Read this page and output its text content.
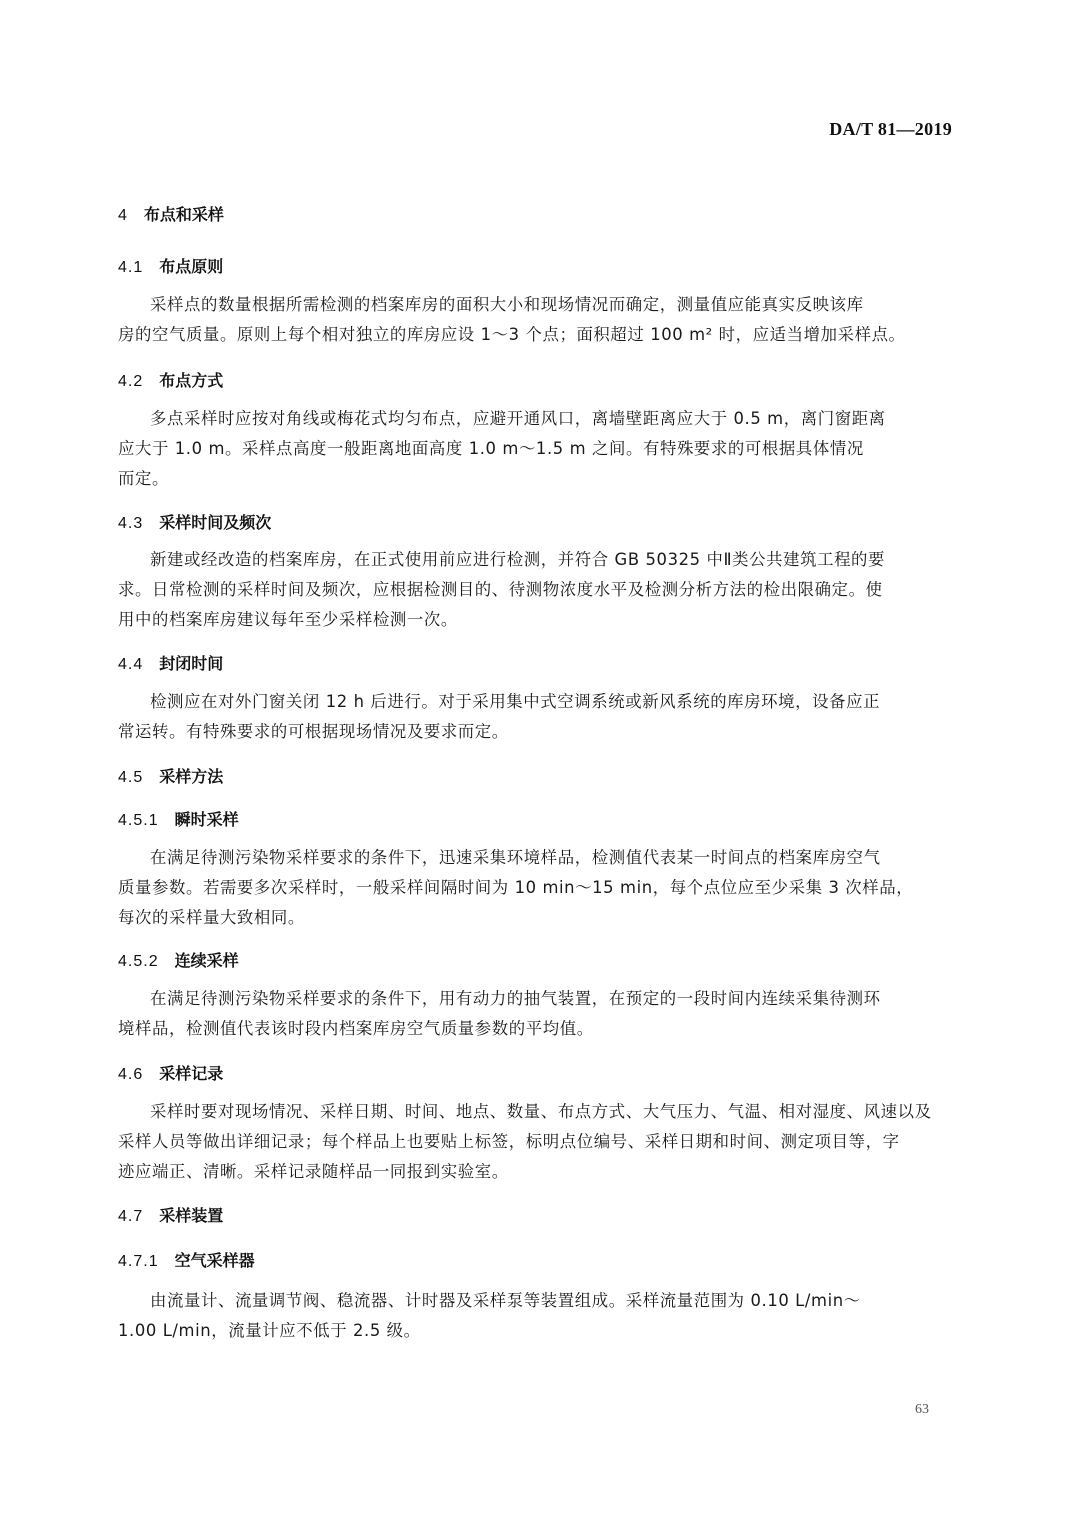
DA/T 81—2019
4 布点和采样
4.1 布点原则
采样点的数量根据所需检测的档案库房的面积大小和现场情况而确定，测量值应能真实反映该库
房的空气质量。原则上每个相对独立的库房应设 1～3 个点；面积超过 100 m² 时，应适当增加采样点。
4.2 布点方式
多点采样时应按对角线或梅花式均匀布点，应避开通风口，离墙壁距离应大于 0.5 m，离门窗距离
应大于 1.0 m。采样点高度一般距离地面高度 1.0 m～1.5 m 之间。有特殊要求的可根据具体情况
而定。
4.3 采样时间及频次
新建或经改造的档案库房，在正式使用前应进行检测，并符合 GB 50325 中Ⅱ类公共建筑工程的要
求。日常检测的采样时间及频次，应根据检测目的、待测物浓度水平及检测分析方法的检出限确定。使
用中的档案库房建议每年至少采样检测一次。
4.4 封闭时间
检测应在对外门窗关闭 12 h 后进行。对于采用集中式空调系统或新风系统的库房环境，设备应正
常运转。有特殊要求的可根据现场情况及要求而定。
4.5 采样方法
4.5.1 瞬时采样
在满足待测污染物采样要求的条件下，迅速采集环境样品，检测值代表某一时间点的档案库房空气
质量参数。若需要多次采样时，一般采样间隔时间为 10 min～15 min，每个点位应至少采集 3 次样品，
每次的采样量大致相同。
4.5.2 连续采样
在满足待测污染物采样要求的条件下，用有动力的抽气装置，在预定的一段时间内连续采集待测环
境样品，检测值代表该时段内档案库房空气质量参数的平均值。
4.6 采样记录
采样时要对现场情况、采样日期、时间、地点、数量、布点方式、大气压力、气温、相对湿度、风速以及
采样人员等做出详细记录；每个样品上也要贴上标签，标明点位编号、采样日期和时间、测定项目等，字
迹应端正、清晰。采样记录随样品一同报到实验室。
4.7 采样装置
4.7.1 空气采样器
由流量计、流量调节阀、稳流器、计时器及采样泵等装置组成。采样流量范围为 0.10 L/min～
1.00 L/min，流量计应不低于 2.5 级。
63
